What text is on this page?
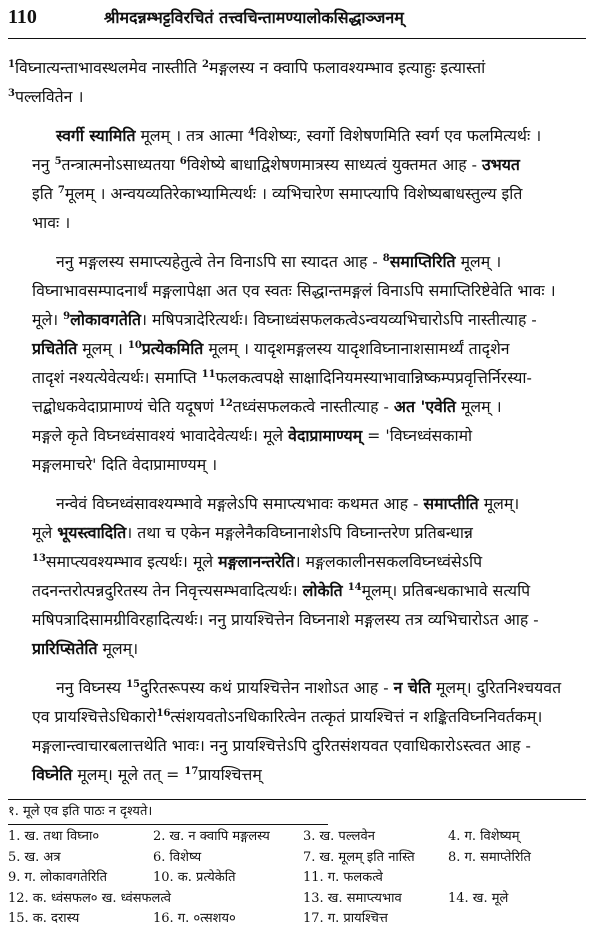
110	श्रीमदन्नम्भट्टविरचितं तत्त्वचिन्तामण्यालोकसिद्धाञ्जनम्
$^1$विघ्नात्यन्ताभावस्थलमेव नास्तीति $^2$मङ्गलस्य न क्वापि फलावश्यम्भाव इत्याहुः इत्यास्तां
$^3$पल्लवितेन ।
स्वर्गी स्यामिति मूलम् । तत्र आत्मा $^4$विशेष्यः, स्वर्गो विशेषणमिति स्वर्ग एव फलमित्यर्थः ।
ननु $^5$तन्त्रात्मनोऽसाध्यतया $^6$विशेष्ये बाधाद्विशेषणमात्रस्य साध्यत्वं युक्तमत आह - उभयत
इति $^7$मूलम् । अन्वयव्यतिरेकाभ्यामित्यर्थः । व्यभिचारेण समाप्त्यापि विशेष्यबाधस्तुल्य इति
भावः ।
ननु मङ्गलस्य समाप्त्यहेतुत्वे तेन विनाऽपि सा स्यादत आह - $^8$समाप्तिरिति मूलम् ।
विघ्नाभावसम्पादनार्थं मङ्गलापेक्षा अत एव स्वतः सिद्धान्तमङ्गलं विनाऽपि समाप्तिरिष्टेवेति भावः ।
मूले। $^9$लोकावगतेति। मषिपत्रादेरित्यर्थः। विघ्नाध्वंसफलकत्वेऽन्वयव्यभिचारोऽपि नास्तीत्याह -
प्रचितेति मूलम् । $^{10}$प्रत्येकमिति मूलम् । यादृशमङ्गलस्य यादृशविघ्नानाशसामर्थ्यं तादृशेन
तादृशं नश्यत्येवेत्यर्थः। समाप्ति $^{11}$फलकत्वपक्षे साक्षादिनियमस्याभावान्निष्कम्पप्रवृत्तिर्निरस्या-
त्तद्बोधकवेदाप्रामाण्यं चेति यदूषणं $^{12}$तध्वंसफलकत्वे नास्तीत्याह - अत 'एवेति मूलम् ।
मङ्गले कृते विघ्नध्वंसावश्यं भावादेवेत्यर्थः। मूले वेदाप्रामाण्यम् = 'विघ्नध्वंसकामो
मङ्गलमाचरे' दिति वेदाप्रामाण्यम् ।
नन्वेवं विघ्नध्वंसावश्यम्भावे मङ्गलेऽपि समाप्त्यभावः कथमत आह - समाप्तीति मूलम्।
मूले भूयस्त्वादिति। तथा च एकेन मङ्गलेनैकविघ्नानाशेऽपि विघ्नान्तरेण प्रतिबन्धान्न
$^{13}$समाप्त्यवश्यम्भाव इत्यर्थः। मूले मङ्गलानन्तरेति। मङ्गलकालीनसकलविघ्नध्वंसेऽपि
तदनन्तरोत्पन्नदुरितस्य तेन निवृत्त्यसम्भवादित्यर्थः। लोकेति $^{14}$मूलम्। प्रतिबन्धकाभावे सत्यपि
मषिपत्रादिसामग्रीविरहादित्यर्थः। ननु प्रायश्चित्तेन विघ्ननाशे मङ्गलस्य तत्र व्यभिचारोऽत आह -
प्रारिप्सितेति मूलम्।
ननु विघ्नस्य $^{15}$दुरितरूपस्य कथं प्रायश्चित्तेन नाशोऽत आह - न चेति मूलम्। दुरितनिश्चयवत
एव प्रायश्चित्तेऽधिकारो$^{16}$त्संशयवतोऽनधिकारित्वेन तत्कृतं प्रायश्चित्तं न शङ्कितविघ्ननिवर्तकम्।
मङ्गलान्त्वाचारबलात्तथेति भावः। ननु प्रायश्चित्तेऽपि दुरितसंशयवत एवाधिकारोऽस्त्वत आह -
विघ्नेति मूलम्। मूले तत् = $^{17}$प्रायश्चित्तम्
१. मूले एव इति पाठः न दृश्यते।
1. ख. तथा विघ्ना०	2. ख. न क्वापि मङ्गलस्य	3. ख. पल्लवेन	4. ग. विशेष्यम्
5. ख. अत्र	6. विशेष्य	7. ख. मूलम् इति नास्ति	8. ग. समाप्तेरिति
9. ग. लोकावगतेरिति	10. क. प्रत्येकेति	11. ग. फलकत्वे
12. क. ध्वंसफल० ख. ध्वंसफलत्वे	13. ख. समाप्त्यभाव	14. ख. मूले
15. क. दरास्य	16. ग. ०त्सशय०	17. ग. प्रायश्चित्त
